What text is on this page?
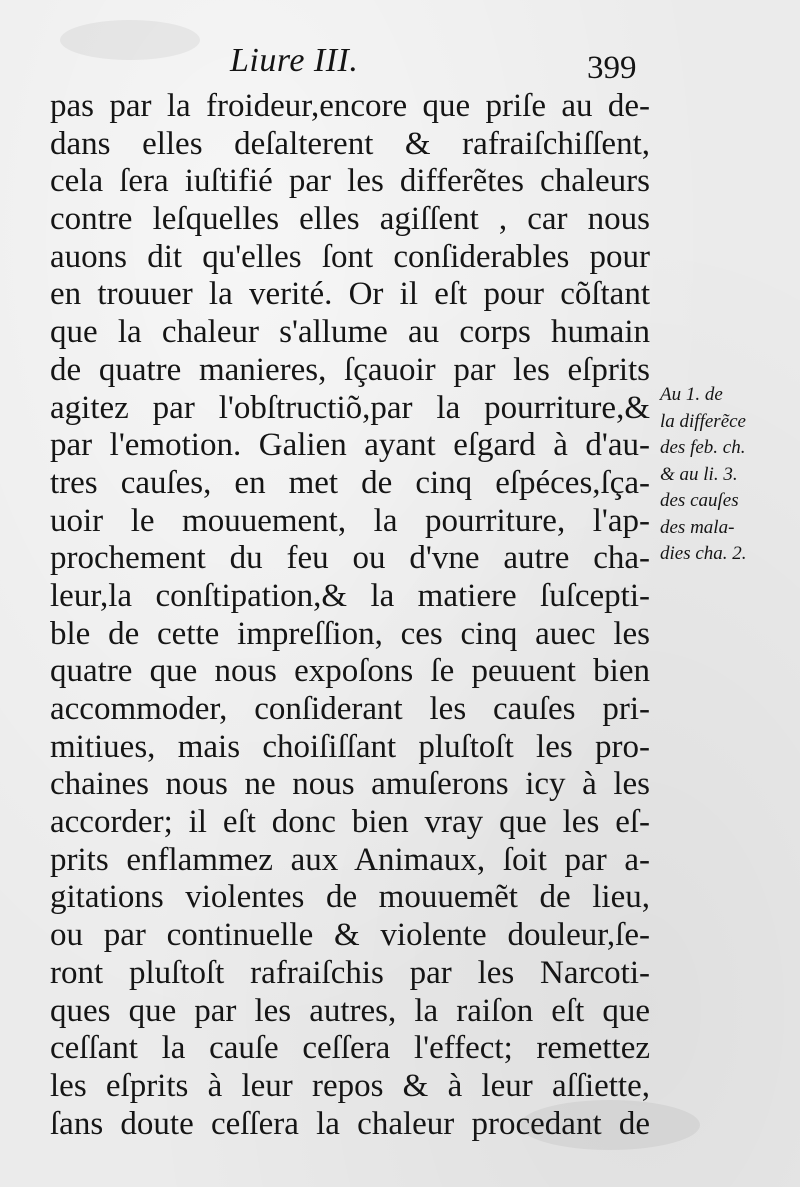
Liure III.	399
pas par la froideur,encore que priſe au de-
dans elles deſalterent & rafraiſchiſſent,
cela ſera iuſtifié par les differẽtes chaleurs
contre leſquelles elles agiſſent , car nous
auons dit qu'elles ſont conſiderables pour
en trouuer la verité. Or il eſt pour cõſtant
que la chaleur s'allume au corps humain
de quatre manieres, ſçauoir par les eſprits
agitez par l'obſtructiõ,par la pourriture,&
par l'emotion. Galien ayant eſgard à d'au-
tres cauſes, en met de cinq eſpéces,ſça-
uoir le mouuement, la pourriture, l'ap-
prochement du feu ou d'vne autre cha-
leur,la conſtipation,& la matiere ſuſcepti-
ble de cette impreſſion, ces cinq auec les
quatre que nous expoſons ſe peuuent bien
accommoder, conſiderant les cauſes pri-
mitiues, mais choiſiſſant pluſtoſt les pro-
chaines nous ne nous amuſerons icy à les
accorder; il eſt donc bien vray que les eſ-
prits enflammez aux Animaux, ſoit par a-
gitations violentes de mouuemẽt de lieu,
ou par continuelle & violente douleur,ſe-
ront pluſtoſt rafraiſchis par les Narcoti-
ques que par les autres, la raiſon eſt que
ceſſant la cauſe ceſſera l'effect; remettez
les eſprits à leur repos & à leur aſſiette,
ſans doute ceſſera la chaleur procedant de
Au 1. de
la differẽce
des feb. ch.
& au li. 3.
des cauſes
des mala-
dies cha. 2.
